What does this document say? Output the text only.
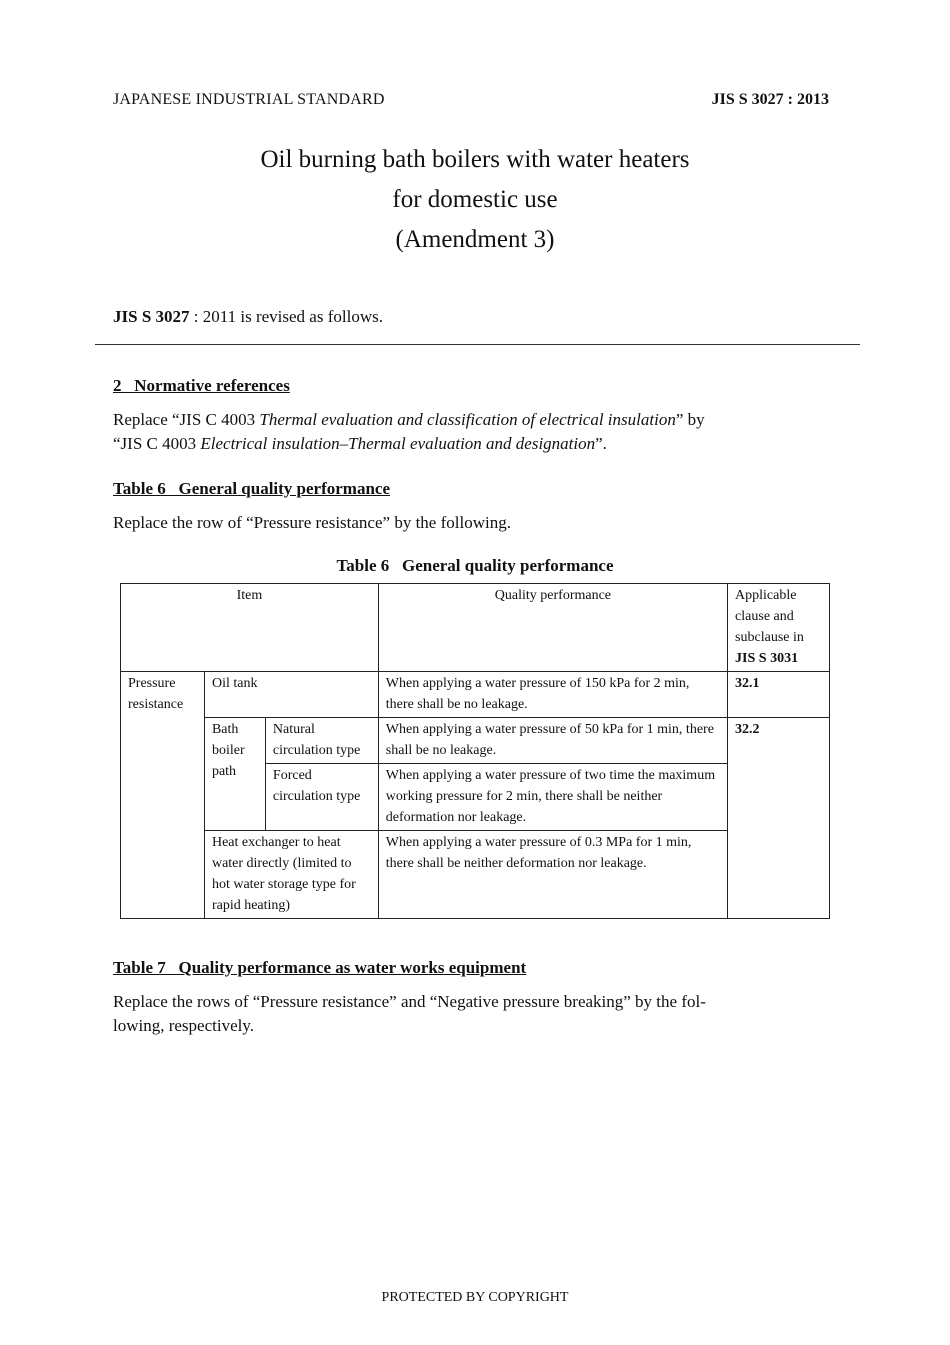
JAPANESE INDUSTRIAL STANDARD	JIS S 3027 : 2013
Oil burning bath boilers with water heaters
for domestic use
(Amendment 3)
JIS S 3027 : 2011 is revised as follows.
2   Normative references
Replace “JIS C 4003 Thermal evaluation and classification of electrical insulation” by
“JIS C 4003 Electrical insulation–Thermal evaluation and designation”.
Table 6   General quality performance
Replace the row of “Pressure resistance” by the following.
Table 6   General quality performance
Item			Quality performance	Applicable clause and subclause in
JIS S 3031
Pressure resistance	Oil tank		When applying a water pressure of 150 kPa for 2 min, there shall be no leakage.	32.1
	Bath boiler path	Natural circulation type	When applying a water pressure of 50 kPa for 1 min, there shall be no leakage.	32.2
		Forced circulation type	When applying a water pressure of two time the maximum working pressure for 2 min, there shall be neither deformation nor leakage.	
	Heat exchanger to heat water directly (limited to hot water storage type for rapid heating)		When applying a water pressure of 0.3 MPa for 1 min, there shall be neither deformation nor leakage.	
Table 7   Quality performance as water works equipment
Replace the rows of “Pressure resistance” and “Negative pressure breaking” by the fol-
lowing, respectively.
PROTECTED BY COPYRIGHT
